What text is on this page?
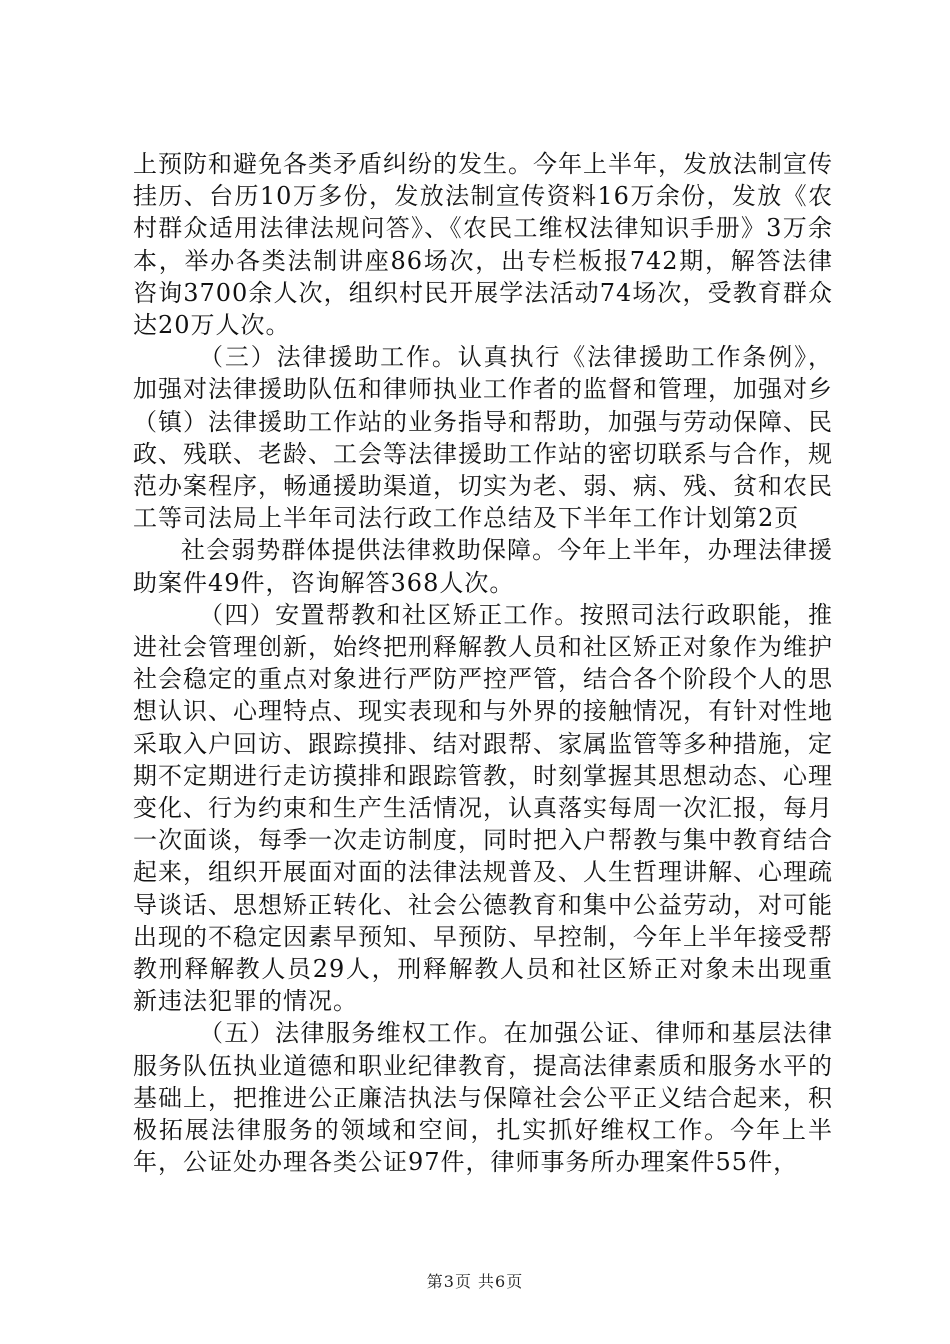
上预防和避免各类矛盾纠纷的发生。今年上半年，发放法制宣传挂历、台历10万多份，发放法制宣传资料16万余份，发放《农村群众适用法律法规问答》、《农民工维权法律知识手册》3万余本，举办各类法制讲座86场次，出专栏板报742期，解答法律咨询3700余人次，组织村民开展学法活动74场次，受教育群众达20万人次。

（三）法律援助工作。认真执行《法律援助工作条例》，加强对法律援助队伍和律师执业工作者的监督和管理，加强对乡（镇）法律援助工作站的业务指导和帮助，加强与劳动保障、民政、残联、老龄、工会等法律援助工作站的密切联系与合作，规范办案程序，畅通援助渠道，切实为老、弱、病、残、贫和农民工等司法局上半年司法行政工作总结及下半年工作计划第2页

社会弱势群体提供法律救助保障。今年上半年，办理法律援助案件49件，咨询解答368人次。

（四）安置帮教和社区矫正工作。按照司法行政职能，推进社会管理创新，始终把刑释解教人员和社区矫正对象作为维护社会稳定的重点对象进行严防严控严管，结合各个阶段个人的思想认识、心理特点、现实表现和与外界的接触情况，有针对性地采取入户回访、跟踪摸排、结对跟帮、家属监管等多种措施，定期不定期进行走访摸排和跟踪管教，时刻掌握其思想动态、心理变化、行为约束和生产生活情况，认真落实每周一次汇报，每月一次面谈，每季一次走访制度，同时把入户帮教与集中教育结合起来，组织开展面对面的法律法规普及、人生哲理讲解、心理疏导谈话、思想矫正转化、社会公德教育和集中公益劳动，对可能出现的不稳定因素早预知、早预防、早控制，今年上半年接受帮教刑释解教人员29人，刑释解教人员和社区矫正对象未出现重新违法犯罪的情况。

（五）法律服务维权工作。在加强公证、律师和基层法律服务队伍执业道德和职业纪律教育，提高法律素质和服务水平的基础上，把推进公正廉洁执法与保障社会公平正义结合起来，积极拓展法律服务的领域和空间，扎实抓好维权工作。今年上半年，公证处办理各类公证97件，律师事务所办理案件55件，

第3页 共6页
